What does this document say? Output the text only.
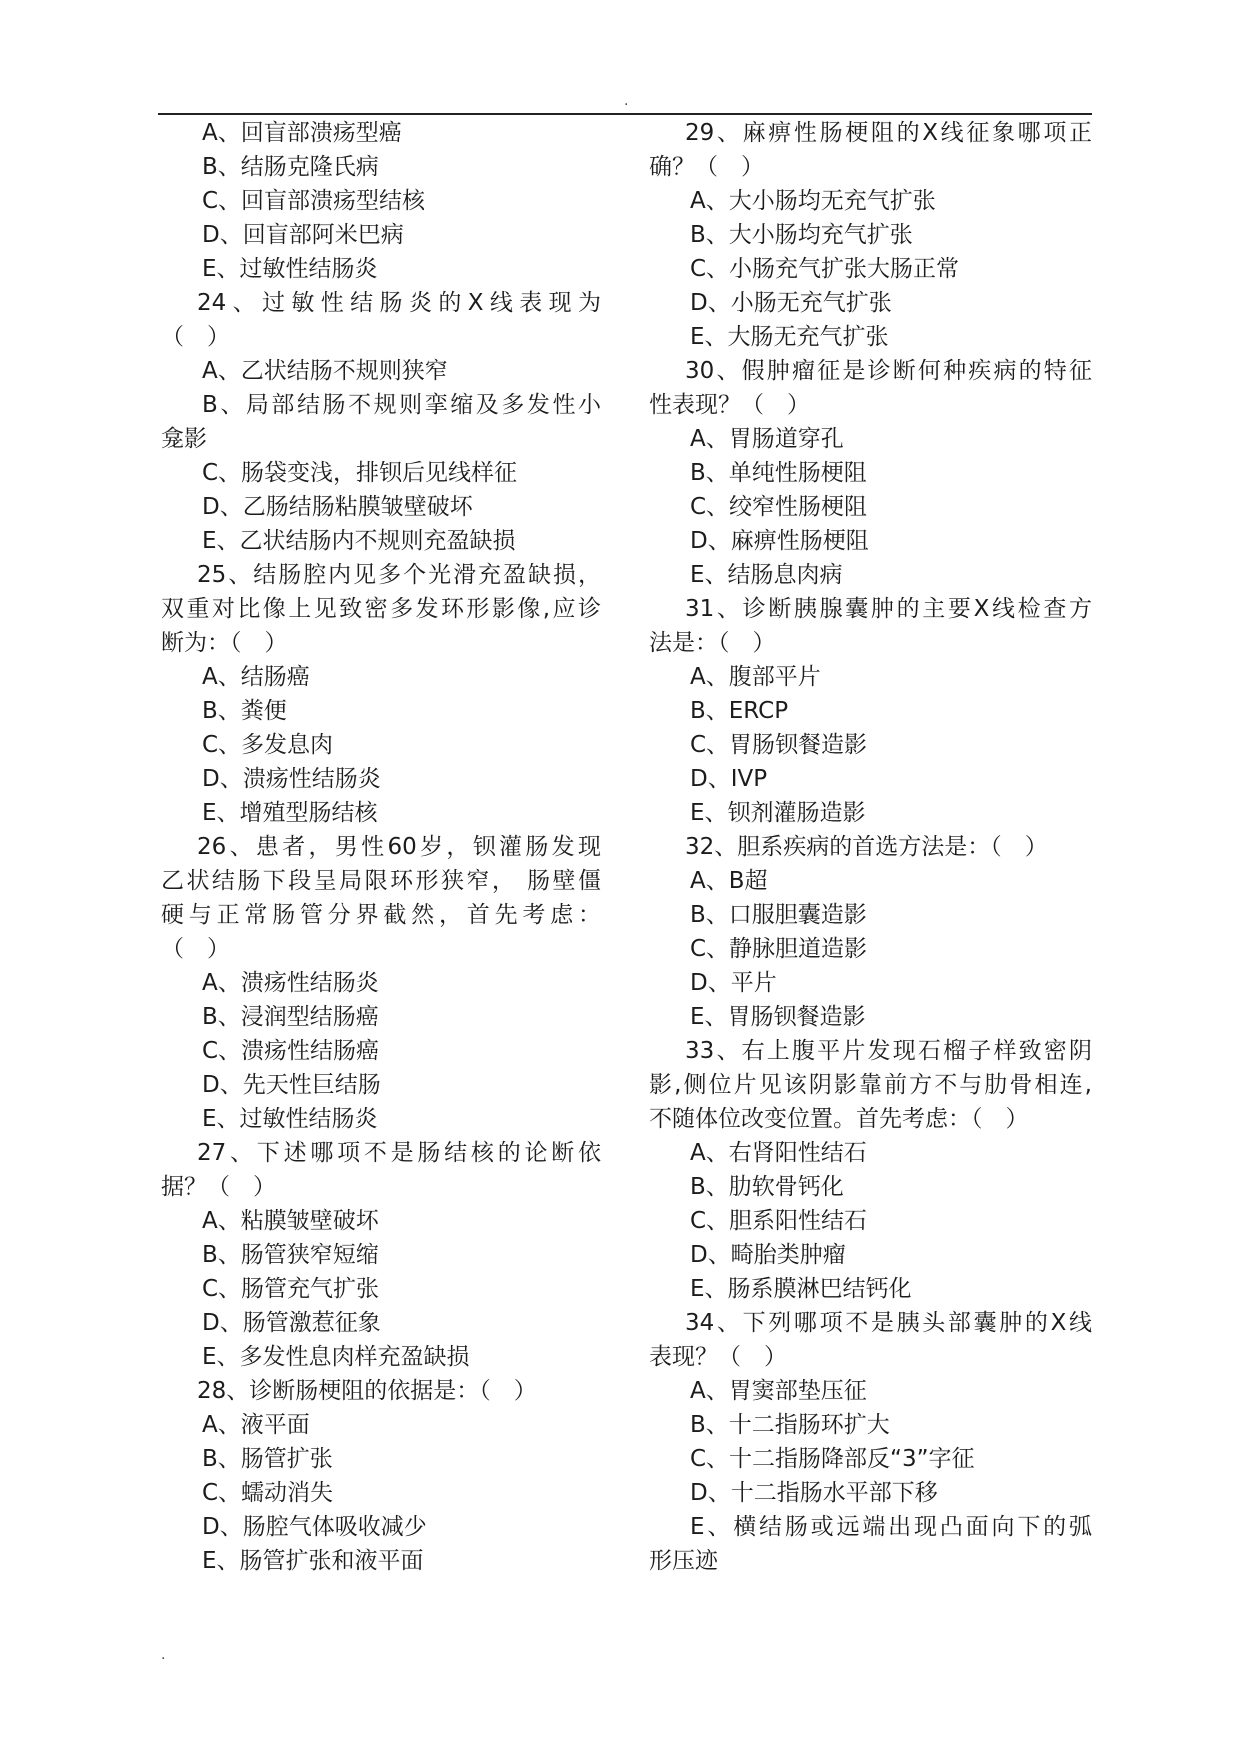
.
A、回盲部溃疡型癌
B、结肠克隆氏病
C、回盲部溃疡型结核
D、回盲部阿米巴病
E、过敏性结肠炎
24、过敏性结肠炎的X线表现为
（　）
A、乙状结肠不规则狭窄
B、局部结肠不规则挛缩及多发性小
龛影
C、肠袋变浅，排钡后见线样征
D、乙肠结肠粘膜皱壁破坏
E、乙状结肠内不规则充盈缺损
25、结肠腔内见多个光滑充盈缺损，
双重对比像上见致密多发环形影像,应诊
断为：（　）
A、结肠癌
B、粪便
C、多发息肉
D、溃疡性结肠炎
E、增殖型肠结核
26、患者，男性60岁，钡灌肠发现
乙状结肠下段呈局限环形狭窄， 肠壁僵
硬与正常肠管分界截然，首先考虑：
（　）
A、溃疡性结肠炎
B、浸润型结肠癌
C、溃疡性结肠癌
D、先天性巨结肠
E、过敏性结肠炎
27、下述哪项不是肠结核的论断依
据？（　）
A、粘膜皱壁破坏
B、肠管狭窄短缩
C、肠管充气扩张
D、肠管激惹征象
E、多发性息肉样充盈缺损
28、诊断肠梗阻的依据是：（　）
A、液平面
B、肠管扩张
C、蠕动消失
D、肠腔气体吸收减少
E、肠管扩张和液平面
29、麻痹性肠梗阻的X线征象哪项正
确？（　）
A、大小肠均无充气扩张
B、大小肠均充气扩张
C、小肠充气扩张大肠正常
D、小肠无充气扩张
E、大肠无充气扩张
30、假肿瘤征是诊断何种疾病的特征
性表现？（　）
A、胃肠道穿孔
B、单纯性肠梗阻
C、绞窄性肠梗阻
D、麻痹性肠梗阻
E、结肠息肉病
31、诊断胰腺囊肿的主要X线检查方
法是：（　）
A、腹部平片
B、ERCP
C、胃肠钡餐造影
D、IVP
E、钡剂灌肠造影
32、胆系疾病的首选方法是：（　）
A、B超
B、口服胆囊造影
C、静脉胆道造影
D、平片
E、胃肠钡餐造影
33、右上腹平片发现石榴子样致密阴
影,侧位片见该阴影靠前方不与肋骨相连,
不随体位改变位置。首先考虑：（　）
A、右肾阳性结石
B、肋软骨钙化
C、胆系阳性结石
D、畸胎类肿瘤
E、肠系膜淋巴结钙化
34、下列哪项不是胰头部囊肿的X线
表现？（　）
A、胃窦部垫压征
B、十二指肠环扩大
C、十二指肠降部反“3”字征
D、十二指肠水平部下移
E、横结肠或远端出现凸面向下的弧
形压迹
.
